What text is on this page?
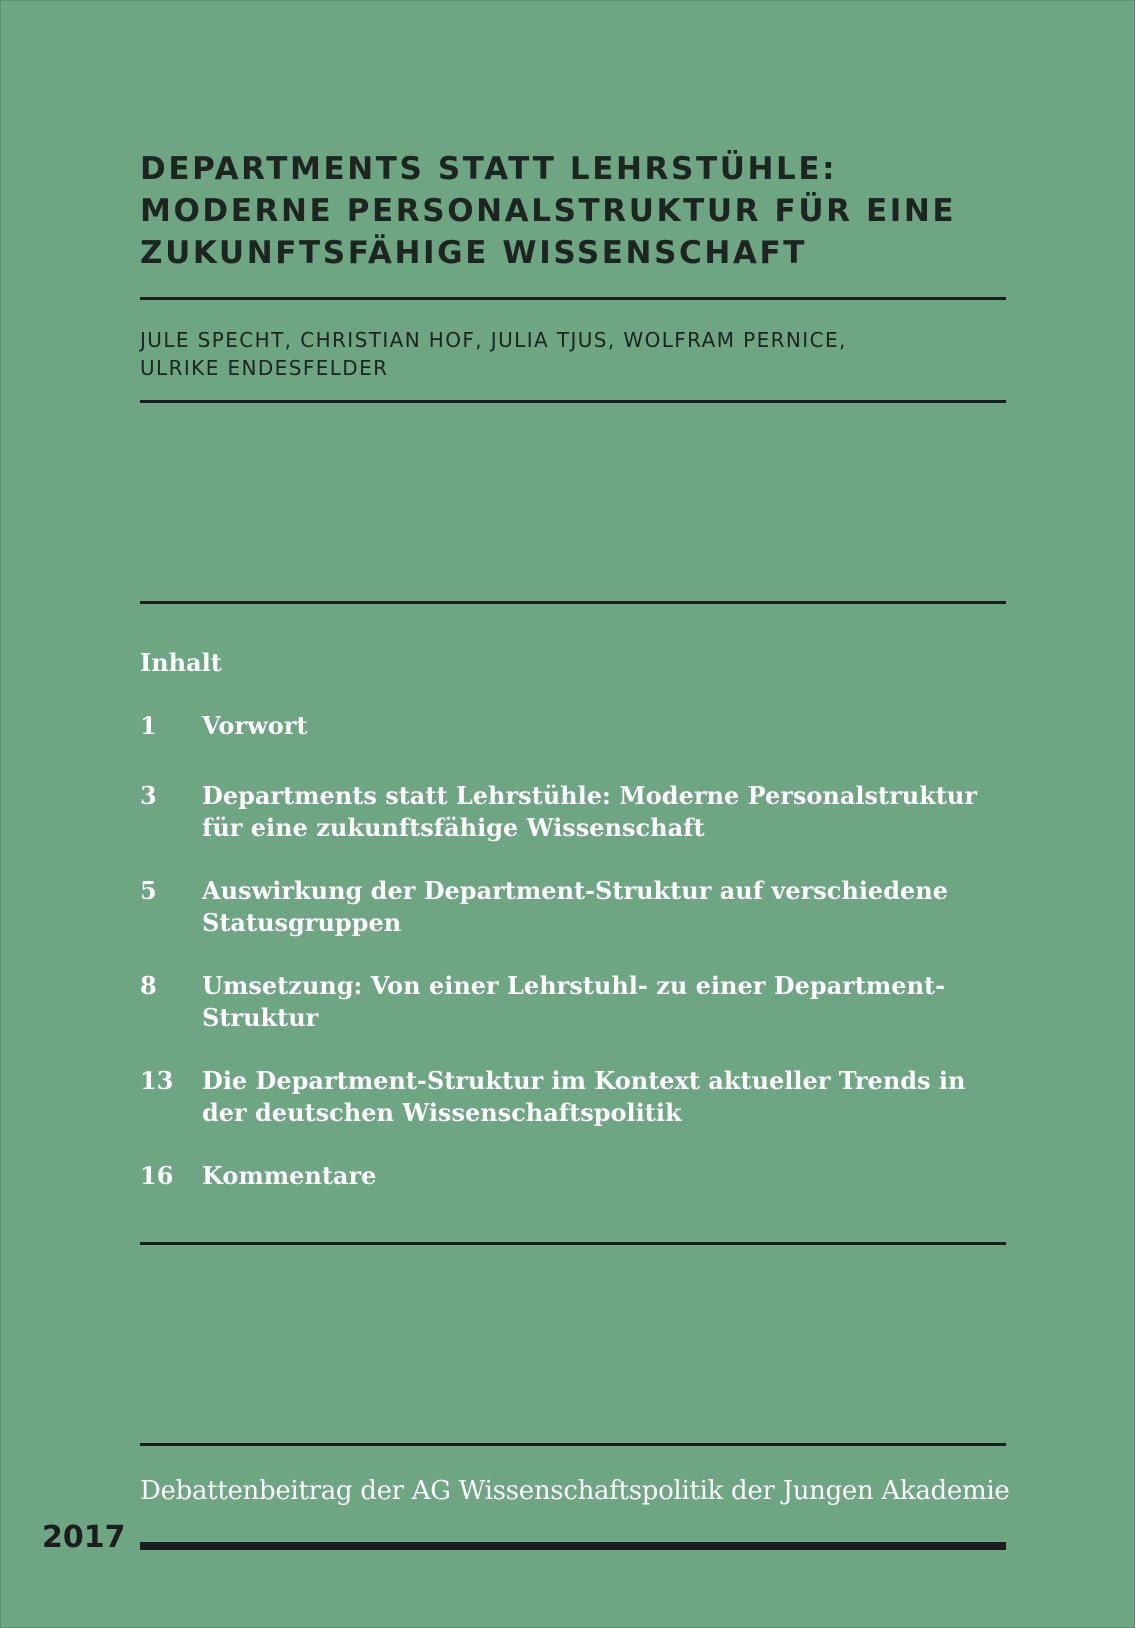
DEPARTMENTS STATT LEHRSTÜHLE:
MODERNE PERSONALSTRUKTUR FÜR EINE
ZUKUNFTSFÄHIGE WISSENSCHAFT
JULE SPECHT, CHRISTIAN HOF, JULIA TJUS, WOLFRAM PERNICE,
ULRIKE ENDESFELDER
Inhalt
1	Vorwort
3	Departments statt Lehrstühle: Moderne Personalstruktur
für eine zukunftsfähige Wissenschaft
5	Auswirkung der Department-Struktur auf verschiedene
Statusgruppen
8	Umsetzung: Von einer Lehrstuhl- zu einer Department-
Struktur
13	Die Department-Struktur im Kontext aktueller Trends in
der deutschen Wissenschaftspolitik
16	Kommentare
Debattenbeitrag der AG Wissenschaftspolitik der Jungen Akademie
2017
